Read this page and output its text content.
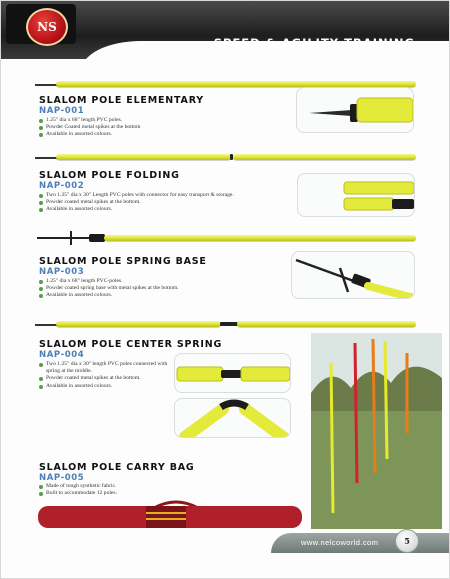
SPEED & AGILITY TRAINING
NS
SLALOM POLE ELEMENTARY
NAP-001
1.25" dia x 68" length PVC poles.
Powder Coated metal spikes at the bottom
Available in assorted colours.
SLALOM POLE FOLDING
NAP-002
Two 1.25" dia x 30" Length PVC poles with connector for easy transport & storage.
Powder coated metal spikes at the bottom.
Available in assorted colours.
SLALOM POLE SPRING BASE
NAP-003
1.25" dia x 68" length PVC-poles.
Powder coated spring base with metal spikes at the bottom.
Available in assorted colours.
SLALOM POLE CENTER SPRING
NAP-004
Two 1.25" dia x 30" length PVC poles connected with spring at the middle.
Powder coated metal spikes at the bottom.
Available in assorted colours.
SLALOM POLE CARRY BAG
NAP-005
Made of tough synthetic fabric.
Built to accommodate 12 poles.
www.nelcoworld.com	5
